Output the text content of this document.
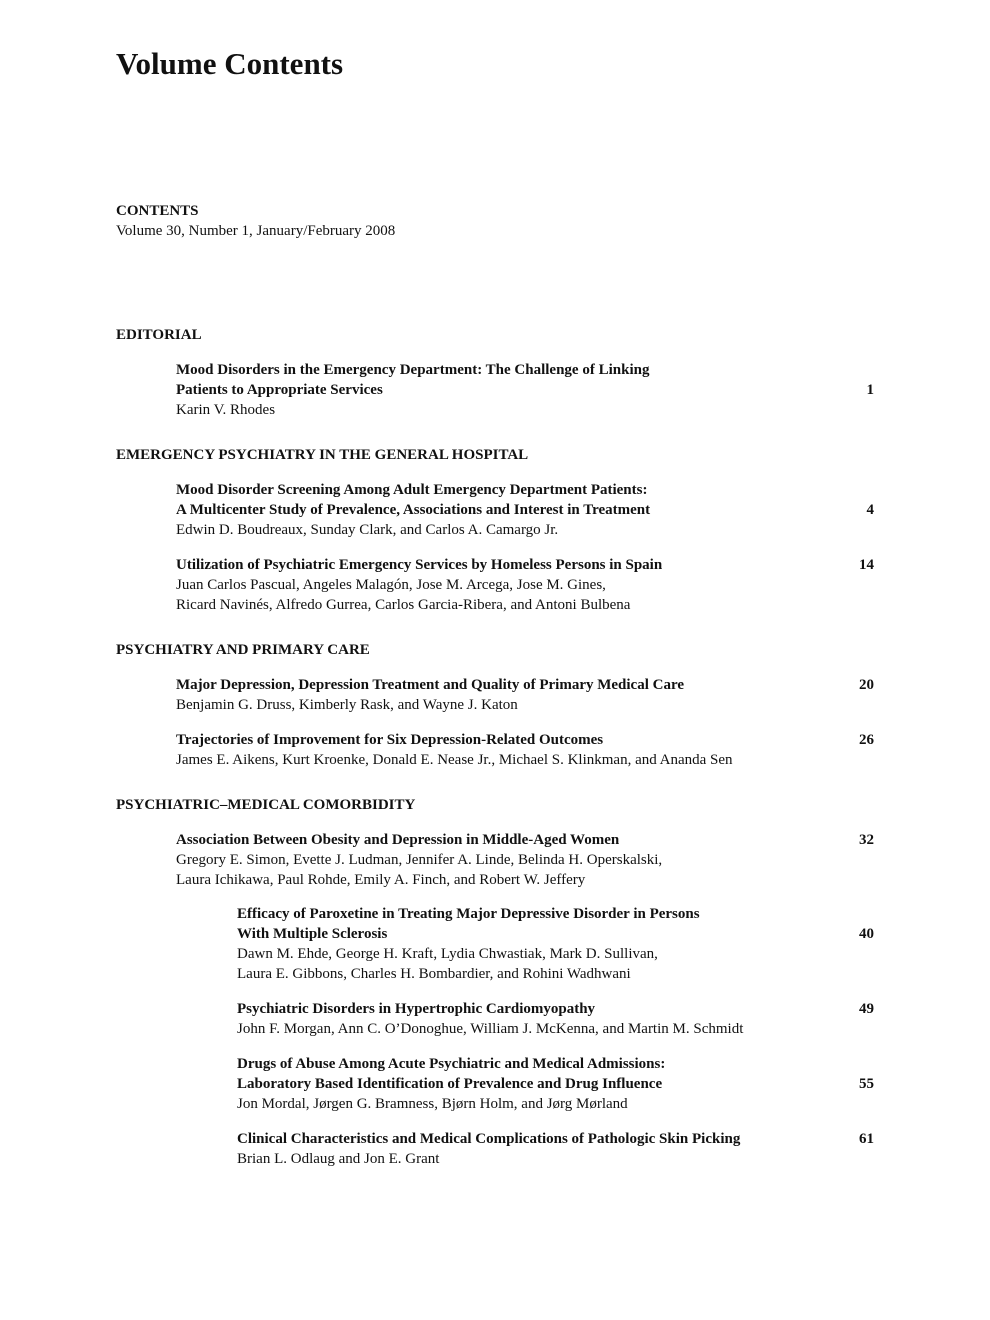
Volume Contents
CONTENTS
Volume 30, Number 1, January/February 2008
EDITORIAL
Mood Disorders in the Emergency Department: The Challenge of Linking
Patients to Appropriate Services
Karin V. Rhodes
1
EMERGENCY PSYCHIATRY IN THE GENERAL HOSPITAL
Mood Disorder Screening Among Adult Emergency Department Patients:
A Multicenter Study of Prevalence, Associations and Interest in Treatment
Edwin D. Boudreaux, Sunday Clark, and Carlos A. Camargo Jr.
4
Utilization of Psychiatric Emergency Services by Homeless Persons in Spain
Juan Carlos Pascual, Angeles Malagón, Jose M. Arcega, Jose M. Gines,
Ricard Navinés, Alfredo Gurrea, Carlos Garcia-Ribera, and Antoni Bulbena
14
PSYCHIATRY AND PRIMARY CARE
Major Depression, Depression Treatment and Quality of Primary Medical Care
Benjamin G. Druss, Kimberly Rask, and Wayne J. Katon
20
Trajectories of Improvement for Six Depression-Related Outcomes
James E. Aikens, Kurt Kroenke, Donald E. Nease Jr., Michael S. Klinkman, and Ananda Sen
26
PSYCHIATRIC–MEDICAL COMORBIDITY
Association Between Obesity and Depression in Middle-Aged Women
Gregory E. Simon, Evette J. Ludman, Jennifer A. Linde, Belinda H. Operskalski,
Laura Ichikawa, Paul Rohde, Emily A. Finch, and Robert W. Jeffery
32
Efficacy of Paroxetine in Treating Major Depressive Disorder in Persons
With Multiple Sclerosis
Dawn M. Ehde, George H. Kraft, Lydia Chwastiak, Mark D. Sullivan,
Laura E. Gibbons, Charles H. Bombardier, and Rohini Wadhwani
40
Psychiatric Disorders in Hypertrophic Cardiomyopathy
John F. Morgan, Ann C. O’Donoghue, William J. McKenna, and Martin M. Schmidt
49
Drugs of Abuse Among Acute Psychiatric and Medical Admissions:
Laboratory Based Identification of Prevalence and Drug Influence
Jon Mordal, Jørgen G. Bramness, Bjørn Holm, and Jørg Mørland
55
Clinical Characteristics and Medical Complications of Pathologic Skin Picking
Brian L. Odlaug and Jon E. Grant
61
